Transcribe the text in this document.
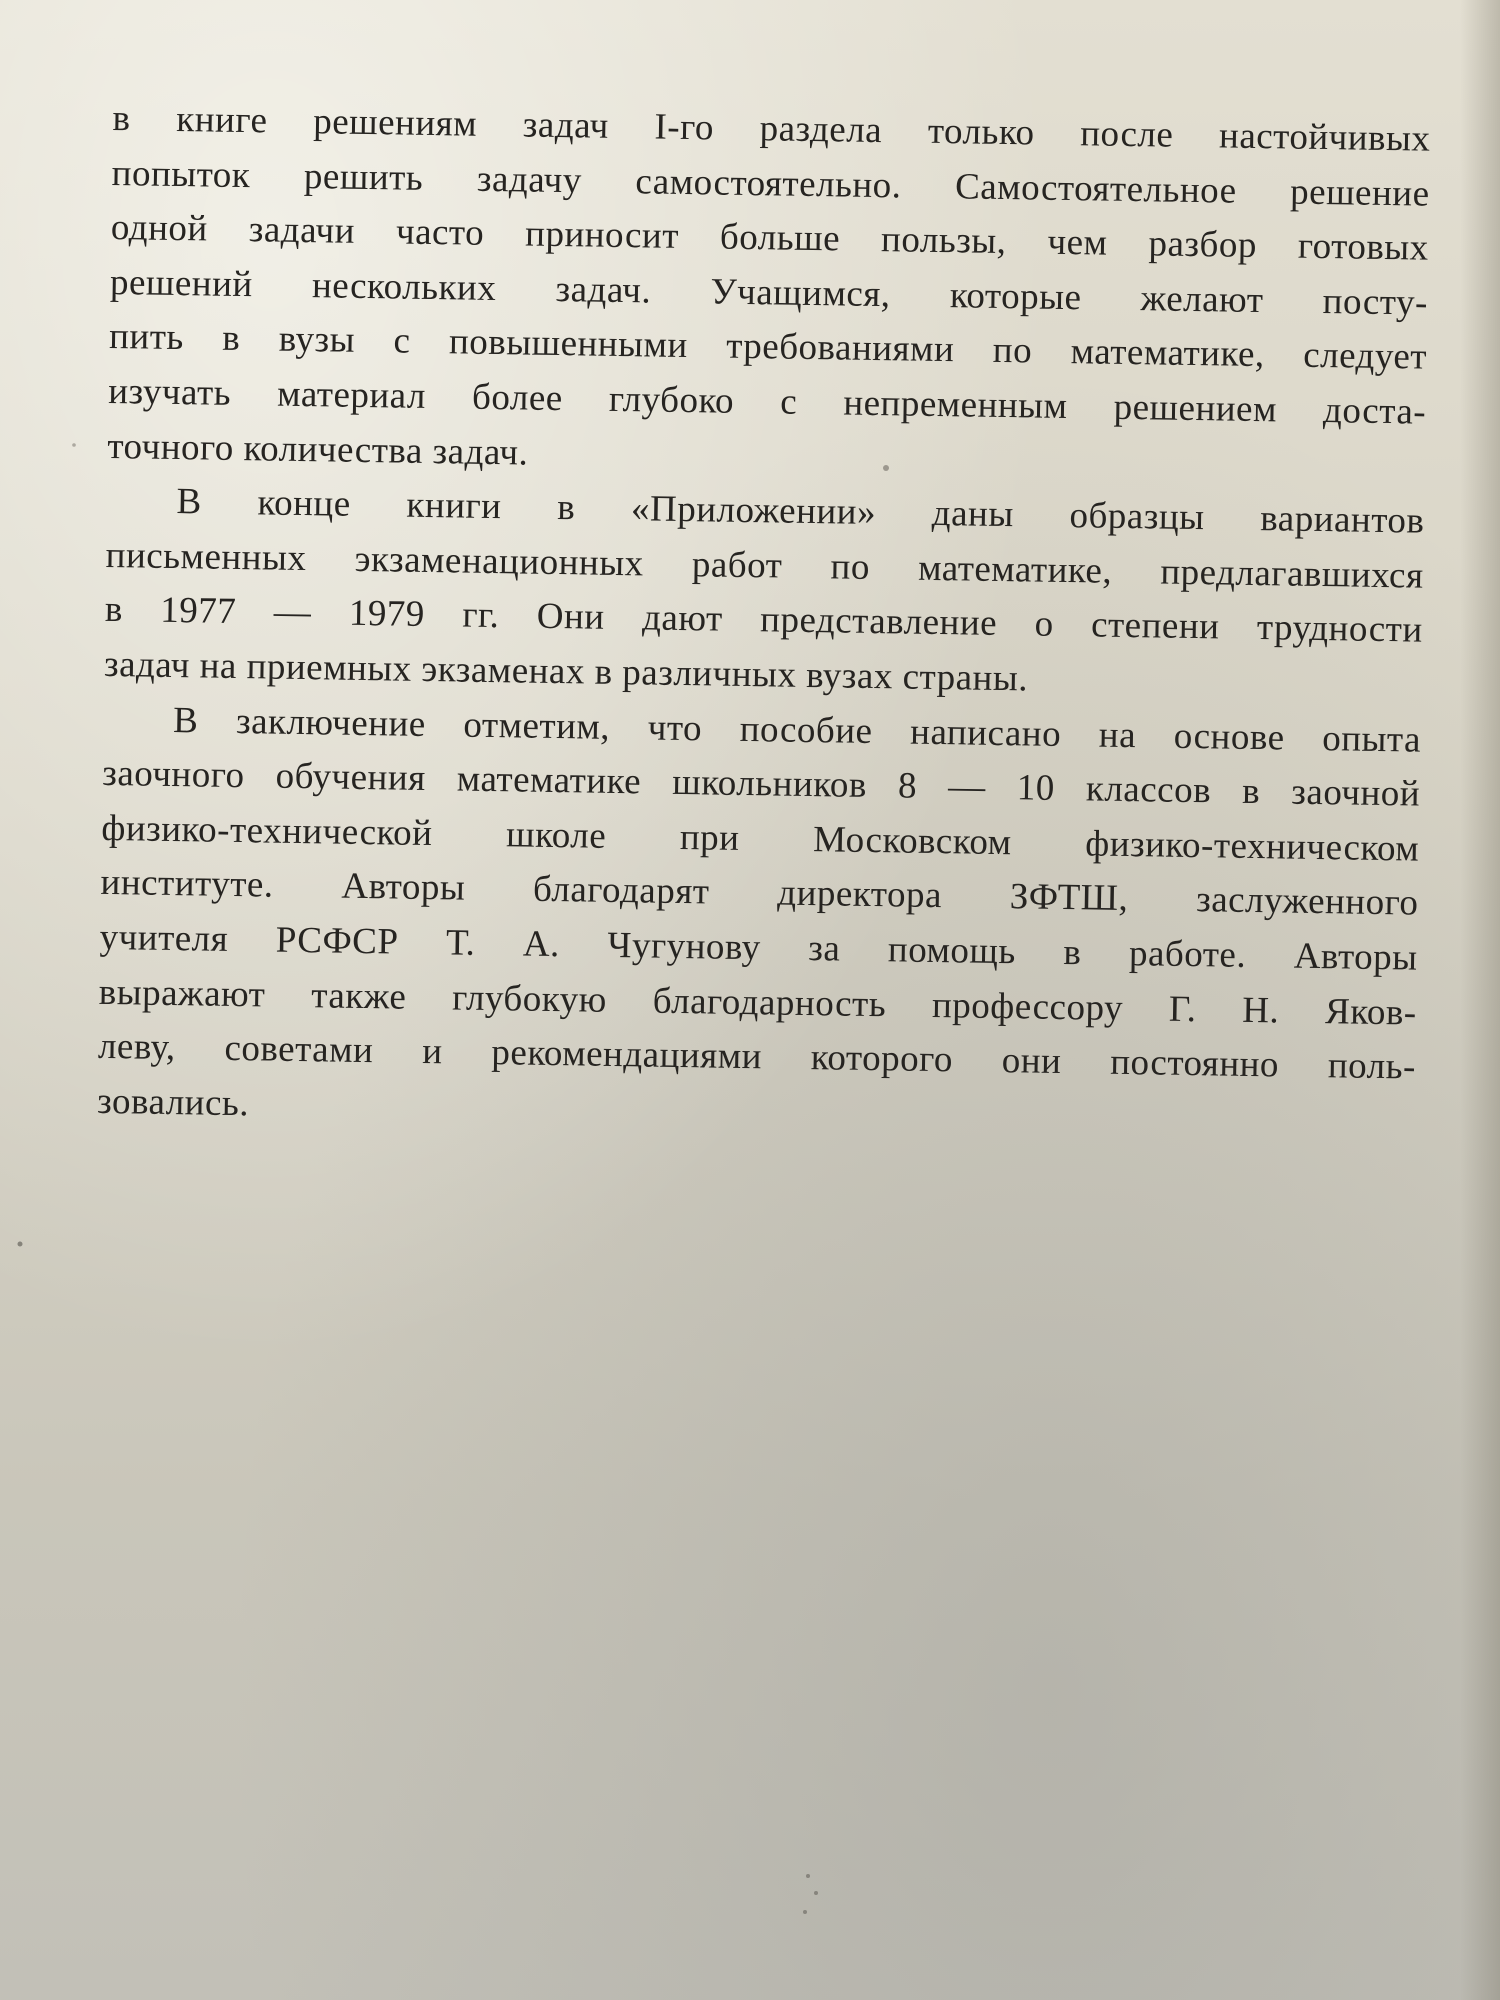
в книге решениям задач I-го раздела только после настойчивых
попыток решить задачу самостоятельно. Самостоятельное решение
одной задачи часто приносит больше пользы, чем разбор готовых
решений нескольких задач. Учащимся, которые желают посту-
пить в вузы с повышенными требованиями по математике, следует
изучать материал более глубоко с непременным решением доста-
точного количества задач.
В конце книги в «Приложении» даны образцы вариантов
письменных экзаменационных работ по математике, предлагавшихся
в 1977 — 1979 гг. Они дают представление о степени трудности
задач на приемных экзаменах в различных вузах страны.
В заключение отметим, что пособие написано на основе опыта
заочного обучения математике школьников 8 — 10 классов в заочной
физико-технической школе при Московском физико-техническом
институте. Авторы благодарят директора ЗФТШ, заслуженного
учителя РСФСР Т. А. Чугунову за помощь в работе. Авторы
выражают также глубокую благодарность профессору Г. Н. Яков-
леву, советами и рекомендациями которого они постоянно поль-
зовались.
